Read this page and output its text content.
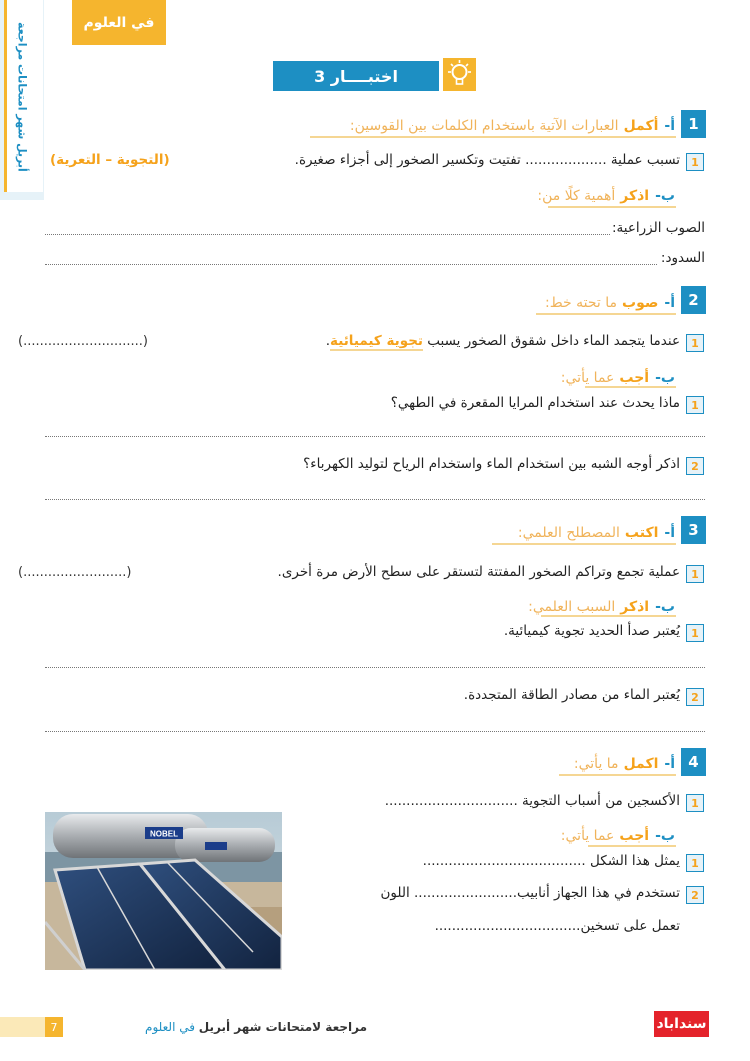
في العلوم
أبريل شهر امتحانات مراجعة	اختبــــار 3
1
أ-
أكمل
العبارات الآتية باستخدام الكلمات بين القوسين:
1
تسبب عملية ................... تفتيت وتكسير الصخور إلى أجزاء صغيرة.
(التجوية – التعرية)
ب-
اذكر
أهمية كلًا من:
الصوب الزراعية:
السدود:
2
أ-
صوب
ما تحته خط:
1
عندما يتجمد الماء داخل شقوق الصخور يسبب تجوية كيميائية.
(.............................)
ب-
أجب
عما يأتي:
1
ماذا يحدث عند استخدام المرايا المقعرة في الطهي؟
2
اذكر أوجه الشبه بين استخدام الماء واستخدام الرياح لتوليد الكهرباء؟
3
أ-
اكتب
المصطلح العلمي:
1
عملية تجمع وتراكم الصخور المفتتة لتستقر على سطح الأرض مرة أخرى.
(.........................)
ب-
اذكر
السبب العلمي:
1
يُعتبر صدأ الحديد تجوية كيميائية.
2
يُعتبر الماء من مصادر الطاقة المتجددة.
4
أ-
اكمل
ما يأتي:
1
الأكسجين من أسباب التجوية ...............................
ب-
أجب
عما يأتي:
1
يمثل هذا الشكل ......................................
2
تستخدم في هذا الجهاز أنابيب........................ اللون
تعمل على تسخين..................................
NOBEL
7	مراجعة لامتحانات شهر أبريل في العلوم	سنداباد
